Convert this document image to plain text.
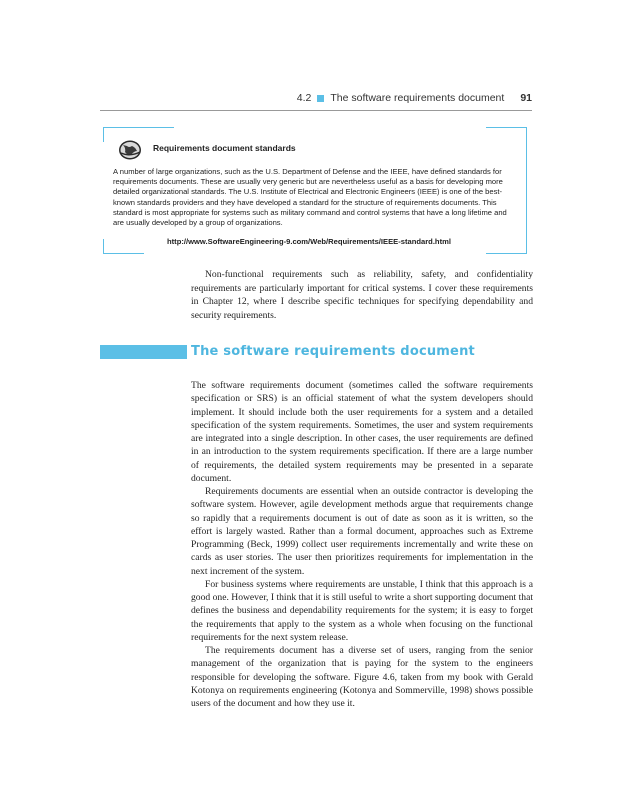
4.2 The software requirements document 91
Requirements document standards
A number of large organizations, such as the U.S. Department of Defense and the IEEE, have defined standards for requirements documents. These are usually very generic but are nevertheless useful as a basis for developing more detailed organizational standards. The U.S. Institute of Electrical and Electronic Engineers (IEEE) is one of the best-known standards providers and they have developed a standard for the structure of requirements documents. This standard is most appropriate for systems such as military command and control systems that have a long lifetime and are usually developed by a group of organizations.
http://www.SoftwareEngineering-9.com/Web/Requirements/IEEE-standard.html

Non-functional requirements such as reliability, safety, and confidentiality requirements are particularly important for critical systems. I cover these requirements in Chapter 12, where I describe specific techniques for specifying dependability and security requirements.

4.2
The software requirements document

The software requirements document (sometimes called the software requirements specification or SRS) is an official statement of what the system developers should implement. It should include both the user requirements for a system and a detailed specification of the system requirements. Sometimes, the user and system requirements are integrated into a single description. In other cases, the user requirements are defined in an introduction to the system requirements specification. If there are a large number of requirements, the detailed system requirements may be presented in a separate document.

Requirements documents are essential when an outside contractor is developing the software system. However, agile development methods argue that requirements change so rapidly that a requirements document is out of date as soon as it is written, so the effort is largely wasted. Rather than a formal document, approaches such as Extreme Programming (Beck, 1999) collect user requirements incrementally and write these on cards as user stories. The user then prioritizes requirements for implementation in the next increment of the system.

For business systems where requirements are unstable, I think that this approach is a good one. However, I think that it is still useful to write a short supporting document that defines the business and dependability requirements for the system; it is easy to forget the requirements that apply to the system as a whole when focusing on the functional requirements for the next system release.

The requirements document has a diverse set of users, ranging from the senior management of the organization that is paying for the system to the engineers responsible for developing the software. Figure 4.6, taken from my book with Gerald Kotonya on requirements engineering (Kotonya and Sommerville, 1998) shows possible users of the document and how they use it.
